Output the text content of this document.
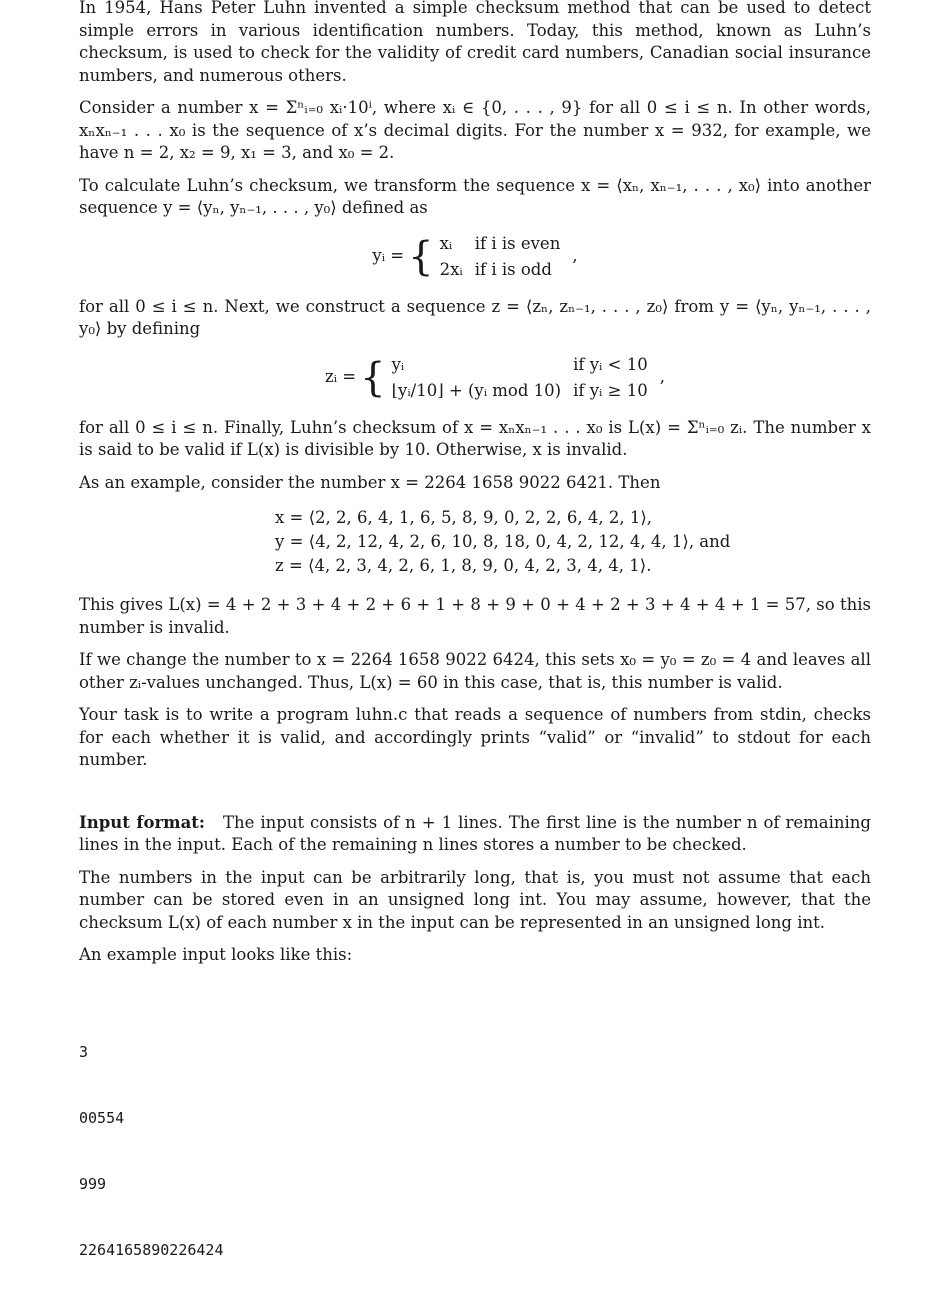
In 1954, Hans Peter Luhn invented a simple checksum method that can be used to detect simple errors in various identification numbers. Today, this method, known as Luhn’s checksum, is used to check for the validity of credit card numbers, Canadian social insurance numbers, and numerous others.

Consider a number x = Σⁿᵢ₌₀ xᵢ·10ⁱ, where xᵢ ∈ {0, . . . , 9} for all 0 ≤ i ≤ n. In other words, xₙxₙ₋₁ . . . x₀ is the sequence of x’s decimal digits. For the number x = 932, for example, we have n = 2, x₂ = 9, x₁ = 3, and x₀ = 2.

To calculate Luhn’s checksum, we transform the sequence x = ⟨xₙ, xₙ₋₁, . . . , x₀⟩ into another sequence y = ⟨yₙ, yₙ₋₁, . . . , y₀⟩ defined as

yᵢ = { xᵢ	if i is even
2xᵢ	if i is odd
,

for all 0 ≤ i ≤ n. Next, we construct a sequence z = ⟨zₙ, zₙ₋₁, . . . , z₀⟩ from y = ⟨yₙ, yₙ₋₁, . . . , y₀⟩ by defining

zᵢ = { yᵢ	if yᵢ < 10
⌊yᵢ/10⌋ + (yᵢ mod 10)	if yᵢ ≥ 10
,

for all 0 ≤ i ≤ n. Finally, Luhn’s checksum of x = xₙxₙ₋₁ . . . x₀ is L(x) = Σⁿᵢ₌₀ zᵢ. The number x is said to be valid if L(x) is divisible by 10. Otherwise, x is invalid.

As an example, consider the number x = 2264 1658 9022 6421. Then

x = ⟨2, 2, 6, 4, 1, 6, 5, 8, 9, 0, 2, 2, 6, 4, 2, 1⟩,
y = ⟨4, 2, 12, 4, 2, 6, 10, 8, 18, 0, 4, 2, 12, 4, 4, 1⟩, and
z = ⟨4, 2, 3, 4, 2, 6, 1, 8, 9, 0, 4, 2, 3, 4, 4, 1⟩.

This gives L(x) = 4 + 2 + 3 + 4 + 2 + 6 + 1 + 8 + 9 + 0 + 4 + 2 + 3 + 4 + 4 + 1 = 57, so this number is invalid.

If we change the number to x = 2264 1658 9022 6424, this sets x₀ = y₀ = z₀ = 4 and leaves all other zᵢ-values unchanged. Thus, L(x) = 60 in this case, that is, this number is valid.

Your task is to write a program luhn.c that reads a sequence of numbers from stdin, checks for each whether it is valid, and accordingly prints “valid” or “invalid” to stdout for each number.

Input format: The input consists of n + 1 lines. The first line is the number n of remaining lines in the input. Each of the remaining n lines stores a number to be checked.

The numbers in the input can be arbitrarily long, that is, you must not assume that each number can be stored even in an unsigned long int. You may assume, however, that the checksum L(x) of each number x in the input can be represented in an unsigned long int.

An example input looks like this:

3

00554

999

2264165890226424
